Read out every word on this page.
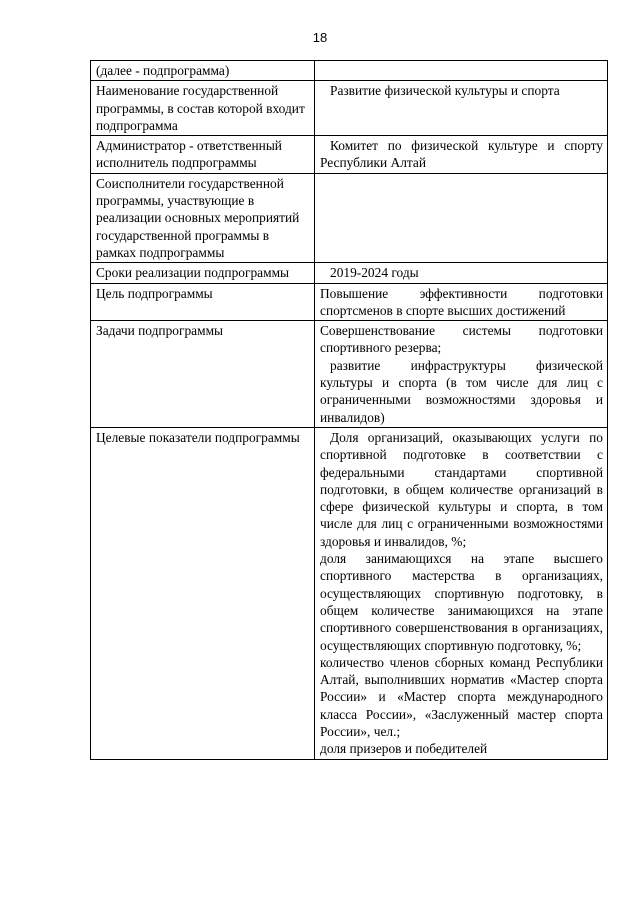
18
(далее - подпрограмма)	
Наименование государственной программы, в состав которой входит подпрограмма	Развитие физической культуры и спорта

Администратор - ответственный исполнитель подпрограммы	Комитет по физической культуре и спорту Республики Алтай

Соисполнители государственной программы, участвующие в реализации основных мероприятий государственной программы в рамках подпрограммы	
Сроки реализации подпрограммы	2019-2024 годы

Цель подпрограммы	Повышение эффективности подготовки спортсменов в спорте высших достижений

Задачи подпрограммы	Совершенствование системы подготовки спортивного резерва;
развитие инфраструктуры физической культуры и спорта (в том числе для лиц с ограниченными возможностями здоровья и инвалидов)

Целевые показатели подпрограммы	Доля организаций, оказывающих услуги по спортивной подготовке в соответствии с федеральными стандартами спортивной подготовки, в общем количестве организаций в сфере физической культуры и спорта, в том числе для лиц с ограниченными возможностями здоровья и инвалидов, %;
доля занимающихся на этапе высшего спортивного мастерства в организациях, осуществляющих спортивную подготовку, в общем количестве занимающихся на этапе спортивного совершенствования в организациях, осуществляющих спортивную подготовку, %;
количество членов сборных команд Республики Алтай, выполнивших норматив «Мастер спорта России» и «Мастер спорта международного класса России», «Заслуженный мастер спорта России», чел.;
доля призеров и победителей
